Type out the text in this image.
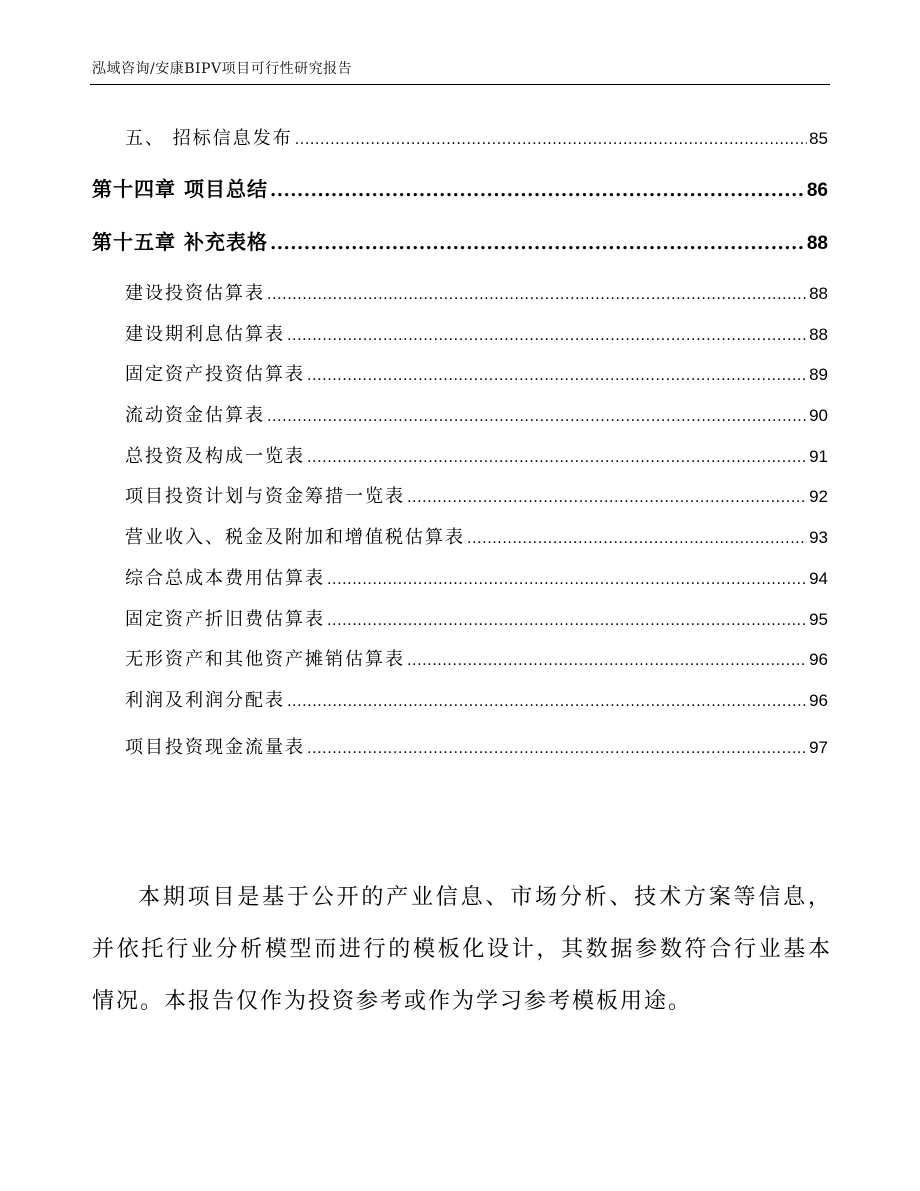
泓域咨询/安康BIPV项目可行性研究报告
五、 招标信息发布 .....	85
第十四章 项目总结 .....	86
第十五章 补充表格 .....	88
建设投资估算表 .....	88
建设期利息估算表 .....	88
固定资产投资估算表 .....	89
流动资金估算表 .....	90
总投资及构成一览表 .....	91
项目投资计划与资金筹措一览表 .....	92
营业收入、税金及附加和增值税估算表 .....	93
综合总成本费用估算表 .....	94
固定资产折旧费估算表 .....	95
无形资产和其他资产摊销估算表 .....	96
利润及利润分配表 .....	96
项目投资现金流量表 .....	97

本期项目是基于公开的产业信息、市场分析、技术方案等信息，并依托行业分析模型而进行的模板化设计，其数据参数符合行业基本情况。本报告仅作为投资参考或作为学习参考模板用途。
